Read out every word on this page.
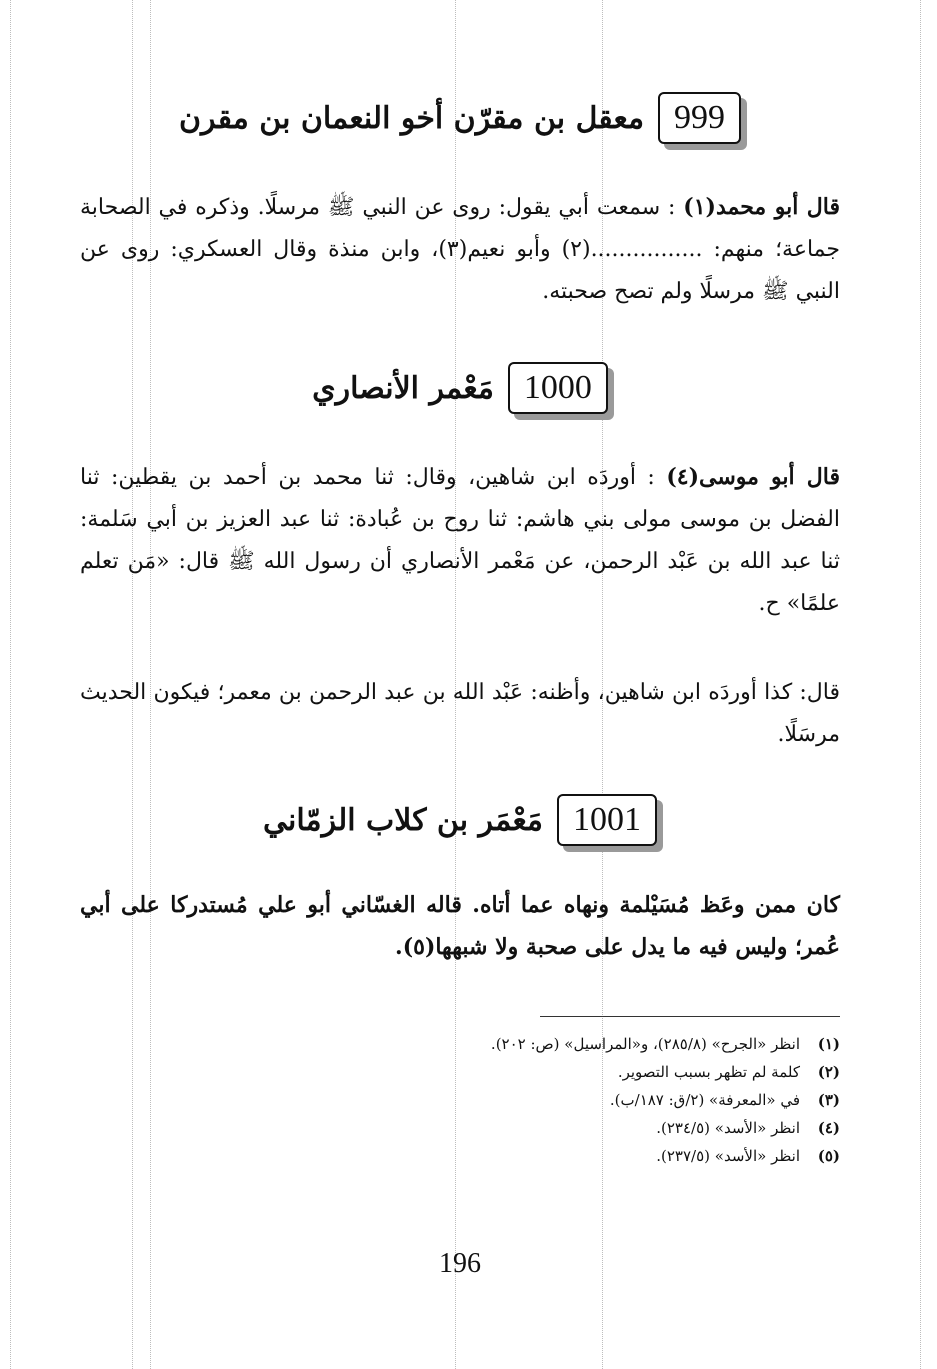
999
معقل بن مقرّن أخو النعمان بن مقرن

قال أبو محمد(١) : سمعت أبي يقول: روى عن النبي ﷺ مرسلًا. وذكره في الصحابة جماعة؛ منهم: ................(٢) وأبو نعيم(٣)، وابن منذة وقال العسكري: روى عن النبي ﷺ مرسلًا ولم تصح صحبته.

1000
مَعْمر الأنصاري

قال أبو موسى(٤) : أوردَه ابن شاهين، وقال: ثنا محمد بن أحمد بن يقطين: ثنا الفضل بن موسى مولى بني هاشم: ثنا روح بن عُبادة: ثنا عبد العزيز بن أبي سَلمة: ثنا عبد الله بن عَبْد الرحمن، عن مَعْمر الأنصاري أن رسول الله ﷺ قال: «مَن تعلم علمًا» ح.

قال: كذا أوردَه ابن شاهين، وأظنه: عَبْد الله بن عبد الرحمن بن معمر؛ فيكون الحديث مرسَلًا.

1001
مَعْمَر بن كلاب الزمّاني

كان ممن وعَظ مُسَيْلمة ونهاه عما أتاه. قاله الغسّاني أبو علي مُستدركا على أبي عُمر؛ وليس فيه ما يدل على صحبة ولا شبهها(٥).

(١)
انظر «الجرح» (٢٨٥/٨)، و«المراسيل» (ص: ٢٠٢).
(٢)
كلمة لم تظهر بسبب التصوير.
(٣)
في «المعرفة» (٢/ق: ١٨٧/ب).
(٤)
انظر «الأسد» (٢٣٤/٥).
(٥)
انظر «الأسد» (٢٣٧/٥).
196
